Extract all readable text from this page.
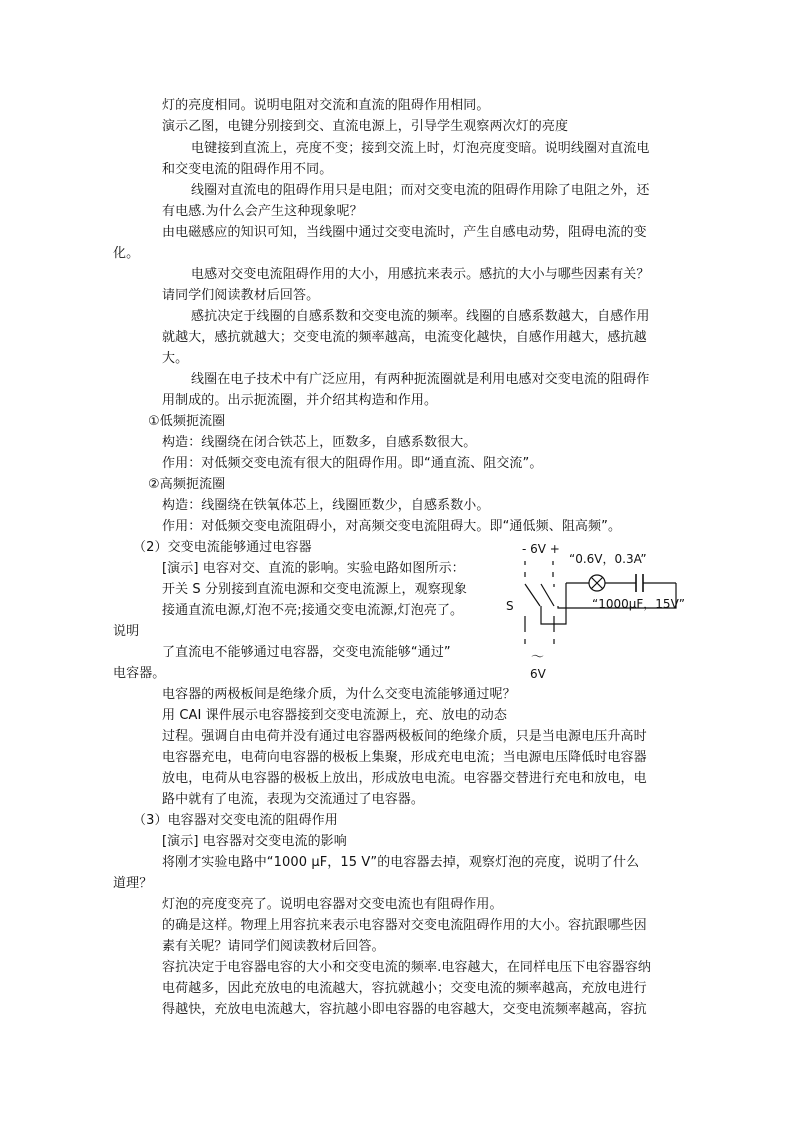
灯的亮度相同。说明电阻对交流和直流的阻碍作用相同。
演示乙图，电键分别接到交、直流电源上，引导学生观察两次灯的亮度
电键接到直流上，亮度不变；接到交流上时，灯泡亮度变暗。说明线圈对直流电
和交变电流的阻碍作用不同。
线圈对直流电的阻碍作用只是电阻；而对交变电流的阻碍作用除了电阻之外，还
有电感.为什么会产生这种现象呢？
由电磁感应的知识可知，当线圈中通过交变电流时，产生自感电动势，阻碍电流的变
化。
电感对交变电流阻碍作用的大小，用感抗来表示。感抗的大小与哪些因素有关？
请同学们阅读教材后回答。
感抗决定于线圈的自感系数和交变电流的频率。线圈的自感系数越大，自感作用
就越大，感抗就越大；交变电流的频率越高，电流变化越快，自感作用越大，感抗越
大。
线圈在电子技术中有广泛应用，有两种扼流圈就是利用电感对交变电流的阻碍作
用制成的。出示扼流圈，并介绍其构造和作用。
①低频扼流圈
构造：线圈绕在闭合铁芯上，匝数多，自感系数很大。
作用：对低频交变电流有很大的阻碍作用。即“通直流、阻交流”。
②高频扼流圈
构造：线圈绕在铁氧体芯上，线圈匝数少，自感系数小。
作用：对低频交变电流阻碍小，对高频交变电流阻碍大。即“通低频、阻高频”。
（2）交变电流能够通过电容器
[演示] 电容对交、直流的影响。实验电路如图所示：
开关 S 分别接到直流电源和交变电流源上，观察现象
接通直流电源,灯泡不亮;接通交变电流源,灯泡亮了。
说明
了直流电不能够通过电容器，交变电流能够“通过”
电容器。
电容器的两极板间是绝缘介质，为什么交变电流能够通过呢？
用 CAI 课件展示电容器接到交变电流源上，充、放电的动态
过程。强调自由电荷并没有通过电容器两极板间的绝缘介质，只是当电源电压升高时
电容器充电，电荷向电容器的极板上集聚，形成充电电流；当电源电压降低时电容器
放电，电荷从电容器的极板上放出，形成放电电流。电容器交替进行充电和放电，电
路中就有了电流，表现为交流通过了电容器。
（3）电容器对交变电流的阻碍作用
[演示] 电容器对交变电流的影响
将刚才实验电路中“1000 μF，15 V”的电容器去掉，观察灯泡的亮度，说明了什么
道理？
灯泡的亮度变亮了。说明电容器对交变电流也有阻碍作用。
的确是这样。物理上用容抗来表示电容器对交变电流阻碍作用的大小。容抗跟哪些因
素有关呢？请同学们阅读教材后回答。
容抗决定于电容器电容的大小和交变电流的频率.电容越大，在同样电压下电容器容纳
电荷越多，因此充放电的电流越大，容抗就越小；交变电流的频率越高，充放电进行
得越快，充放电电流越大，容抗越小即电容器的电容越大，交变电流频率越高，容抗
- 6V +
S
“0.6V，0.3A”
“1000μF，15V”
～
6V
